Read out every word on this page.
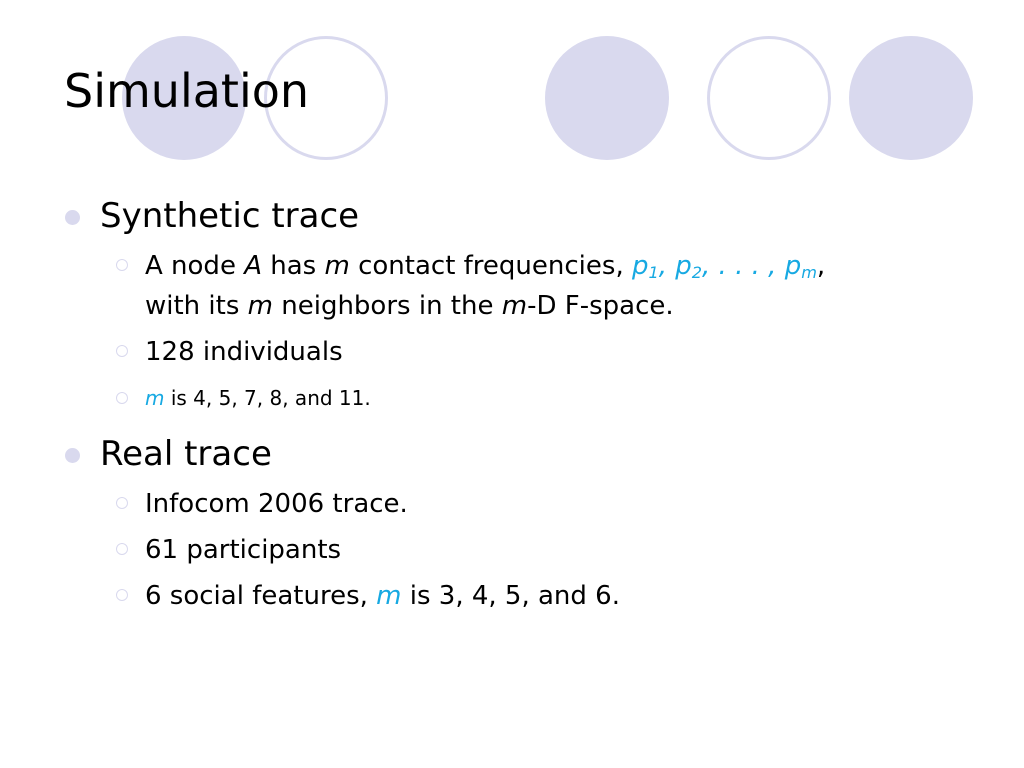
Simulation
Synthetic trace
A node A has m contact frequencies, $p_1$, $p_2$, . . . , $p_m$,
with its m neighbors in the m-D F-space.
128 individuals
m is 4, 5, 7, 8, and 11.
Real trace
Infocom 2006 trace.
61 participants
6 social features, m is 3, 4, 5, and 6.
